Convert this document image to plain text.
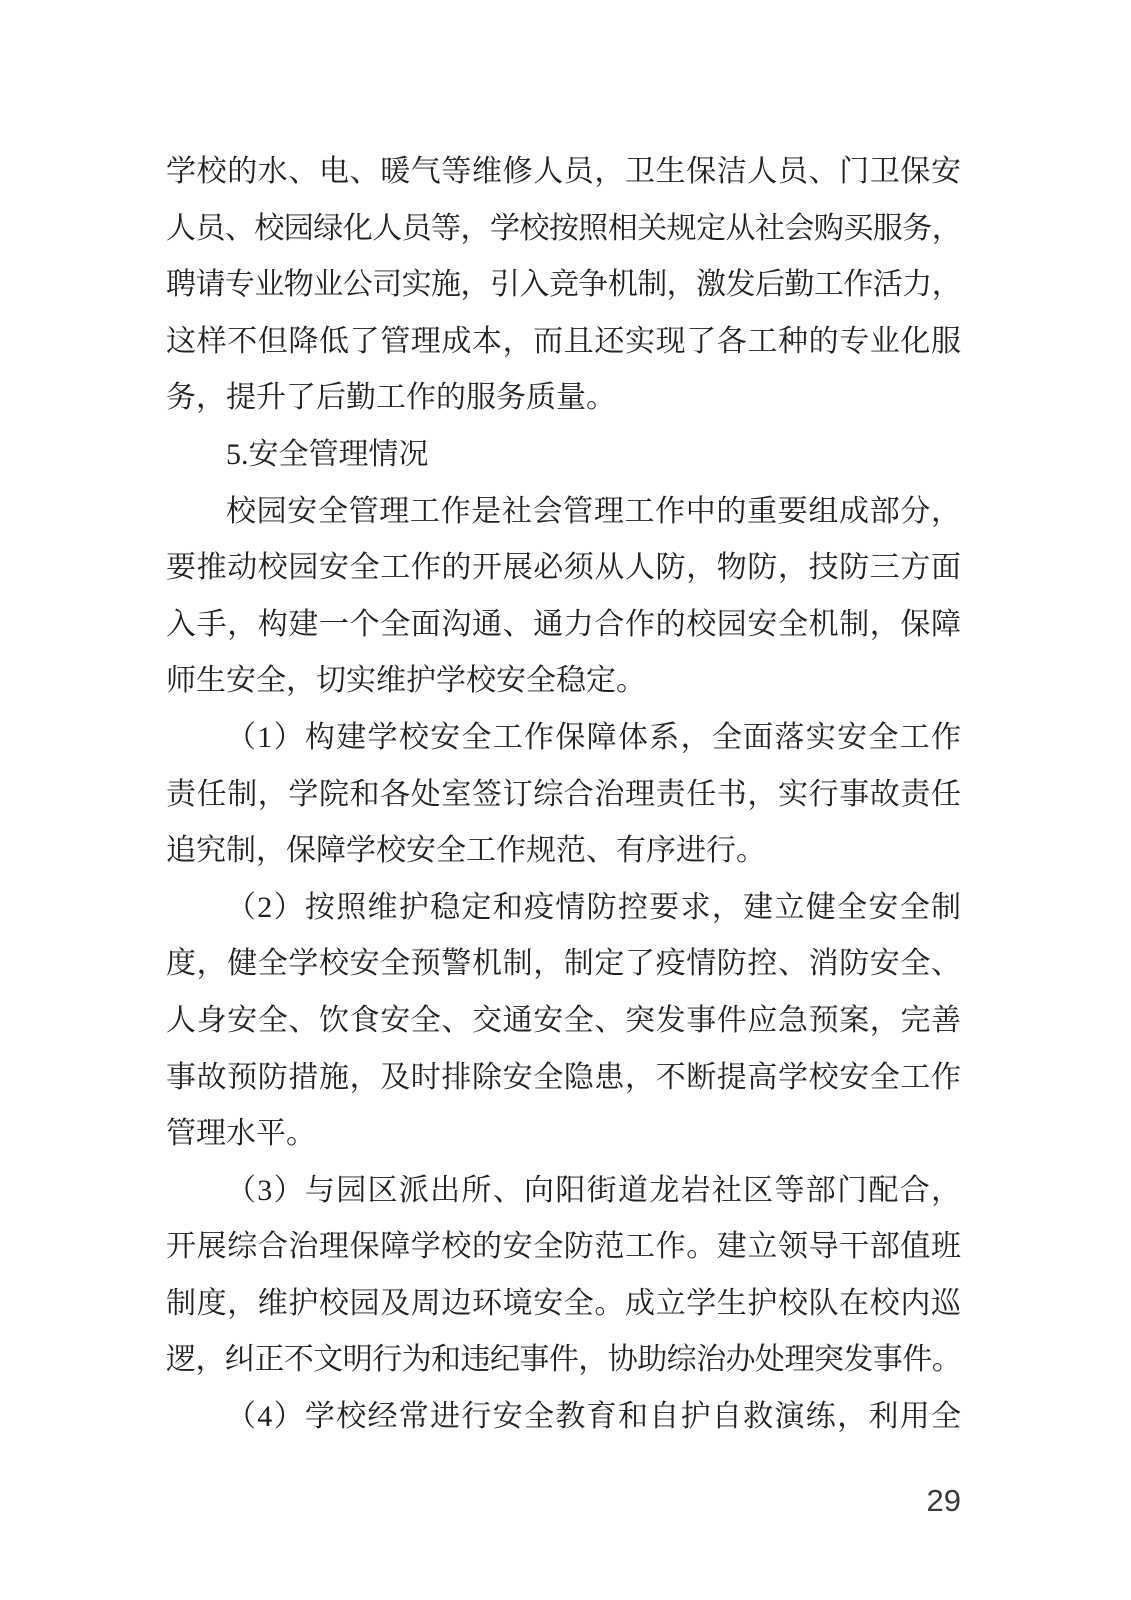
学校的水、电、暖气等维修人员，卫生保洁人员、门卫保安
人员、校园绿化人员等，学校按照相关规定从社会购买服务，
聘请专业物业公司实施，引入竞争机制，激发后勤工作活力，
这样不但降低了管理成本，而且还实现了各工种的专业化服
务，提升了后勤工作的服务质量。
5.安全管理情况
校园安全管理工作是社会管理工作中的重要组成部分，
要推动校园安全工作的开展必须从人防，物防，技防三方面
入手，构建一个全面沟通、通力合作的校园安全机制，保障
师生安全，切实维护学校安全稳定。
（1）构建学校安全工作保障体系，全面落实安全工作
责任制，学院和各处室签订综合治理责任书，实行事故责任
追究制，保障学校安全工作规范、有序进行。
（2）按照维护稳定和疫情防控要求，建立健全安全制
度，健全学校安全预警机制，制定了疫情防控、消防安全、
人身安全、饮食安全、交通安全、突发事件应急预案，完善
事故预防措施，及时排除安全隐患，不断提高学校安全工作
管理水平。
（3）与园区派出所、向阳街道龙岩社区等部门配合，
开展综合治理保障学校的安全防范工作。建立领导干部值班
制度，维护校园及周边环境安全。成立学生护校队在校内巡
逻，纠正不文明行为和违纪事件，协助综治办处理突发事件。
（4）学校经常进行安全教育和自护自救演练，利用全
29
